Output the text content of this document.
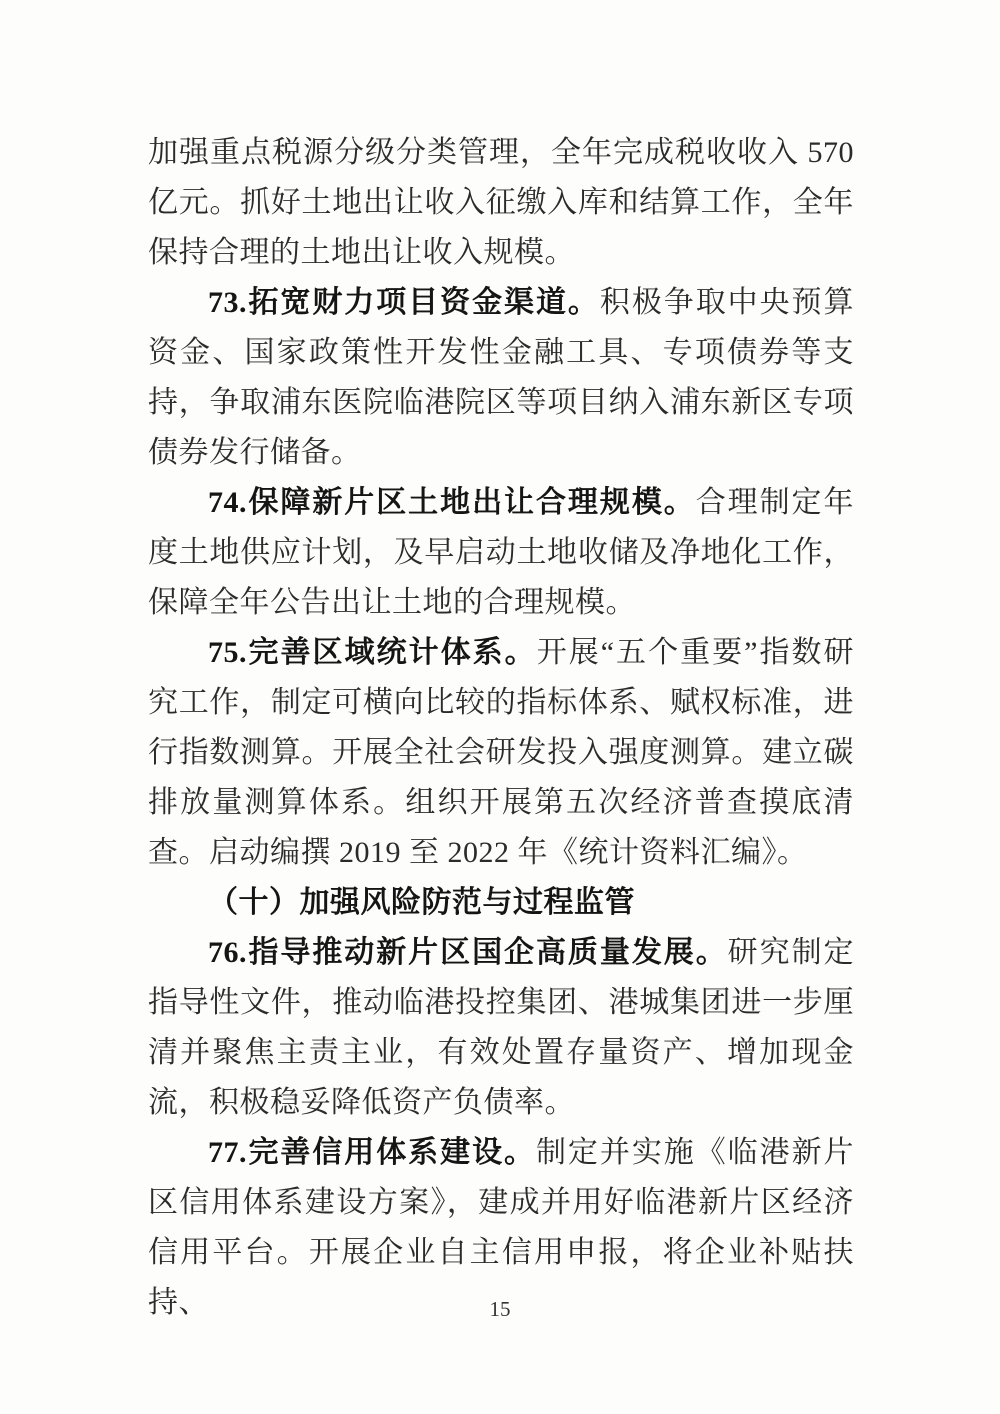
加强重点税源分级分类管理，全年完成税收收入 570 亿元。抓好土地出让收入征缴入库和结算工作，全年保持合理的土地出让收入规模。

73.拓宽财力项目资金渠道。积极争取中央预算资金、国家政策性开发性金融工具、专项债券等支持，争取浦东医院临港院区等项目纳入浦东新区专项债券发行储备。

74.保障新片区土地出让合理规模。合理制定年度土地供应计划，及早启动土地收储及净地化工作，保障全年公告出让土地的合理规模。

75.完善区域统计体系。开展“五个重要”指数研究工作，制定可横向比较的指标体系、赋权标准，进行指数测算。开展全社会研发投入强度测算。建立碳排放量测算体系。组织开展第五次经济普查摸底清查。启动编撰 2019 至 2022 年《统计资料汇编》。

（十）加强风险防范与过程监管

76.指导推动新片区国企高质量发展。研究制定指导性文件，推动临港投控集团、港城集团进一步厘清并聚焦主责主业，有效处置存量资产、增加现金流，积极稳妥降低资产负债率。

77.完善信用体系建设。制定并实施《临港新片区信用体系建设方案》，建成并用好临港新片区经济信用平台。开展企业自主信用申报，将企业补贴扶持、	15
